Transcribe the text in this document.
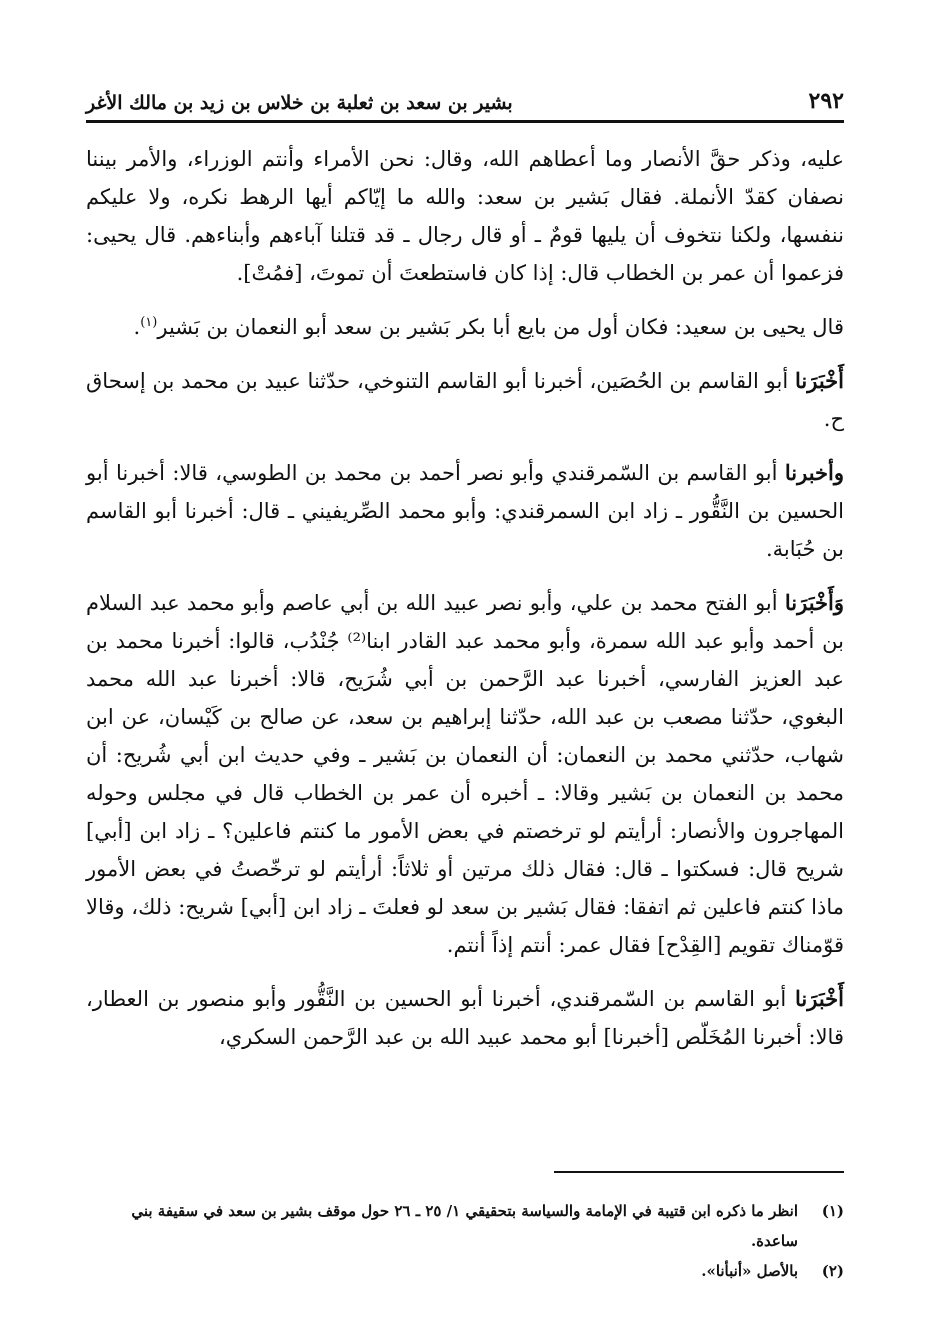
٢٩٢
بشير بن سعد بن ثعلبة بن خلاس بن زيد بن مالك الأغر

عليه، وذكر حقَّ الأنصار وما أعطاهم الله، وقال: نحن الأمراء وأنتم الوزراء، والأمر بيننا نصفان كقدّ الأنملة. فقال بَشير بن سعد: والله ما إيّاكم أيها الرهط نكره، ولا عليكم ننفسها، ولكنا نتخوف أن يليها قومٌ ـ أو قال رجال ـ قد قتلنا آباءهم وأبناءهم. قال يحيى: فزعموا أن عمر بن الخطاب قال: إذا كان فاستطعتَ أن تموتَ، [فمُتْ].

قال يحيى بن سعيد: فكان أول من بايع أبا بكر بَشير بن سعد أبو النعمان بن بَشير$^{(١)}$.

أَخْبَرَنا أبو القاسم بن الحُصَين، أخبرنا أبو القاسم التنوخي، حدّثنا عبيد بن محمد بن إسحاق ح.

وأخبرنا أبو القاسم بن السّمرقندي وأبو نصر أحمد بن محمد بن الطوسي، قالا: أخبرنا أبو الحسين بن النَّقُّور ـ زاد ابن السمرقندي: وأبو محمد الصِّريفيني ـ قال: أخبرنا أبو القاسم بن حُبَابة.

وَأَخْبَرَنا أبو الفتح محمد بن علي، وأبو نصر عبيد الله بن أبي عاصم وأبو محمد عبد السلام بن أحمد وأبو عبد الله سمرة، وأبو محمد عبد القادر ابنا⁽²⁾ جُنْدُب، قالوا: أخبرنا محمد بن عبد العزيز الفارسي، أخبرنا عبد الرَّحمن بن أبي شُرَيح، قالا: أخبرنا عبد الله محمد البغوي، حدّثنا مصعب بن عبد الله، حدّثنا إبراهيم بن سعد، عن صالح بن كَيْسان، عن ابن شهاب، حدّثني محمد بن النعمان: أن النعمان بن بَشير ـ وفي حديث ابن أبي شُريح: أن محمد بن النعمان بن بَشير وقالا: ـ أخبره أن عمر بن الخطاب قال في مجلس وحوله المهاجرون والأنصار: أرأيتم لو ترخصتم في بعض الأمور ما كنتم فاعلين؟ ـ زاد ابن [أبي] شريح قال: فسكتوا ـ قال: فقال ذلك مرتين أو ثلاثاً: أرأيتم لو ترخّصتُ في بعض الأمور ماذا كنتم فاعلين ثم اتفقا: فقال بَشير بن سعد لو فعلتَ ـ زاد ابن [أبي] شريح: ذلك، وقالا قوّمناك تقويم [القِدْح] فقال عمر: أنتم إذاً أنتم.

أَخْبَرَنا أبو القاسم بن السّمرقندي، أخبرنا أبو الحسين بن النَّقُّور وأبو منصور بن العطار، قالا: أخبرنا المُخَلّص [أخبرنا] أبو محمد عبيد الله بن عبد الرَّحمن السكري،

(١)
انظر ما ذكره ابن قتيبة في الإمامة والسياسة بتحقيقي ١/ ٢٥ ـ ٢٦ حول موقف بشير بن سعد في سقيفة بني ساعدة.
(٢)
بالأصل «أنبأنا».
